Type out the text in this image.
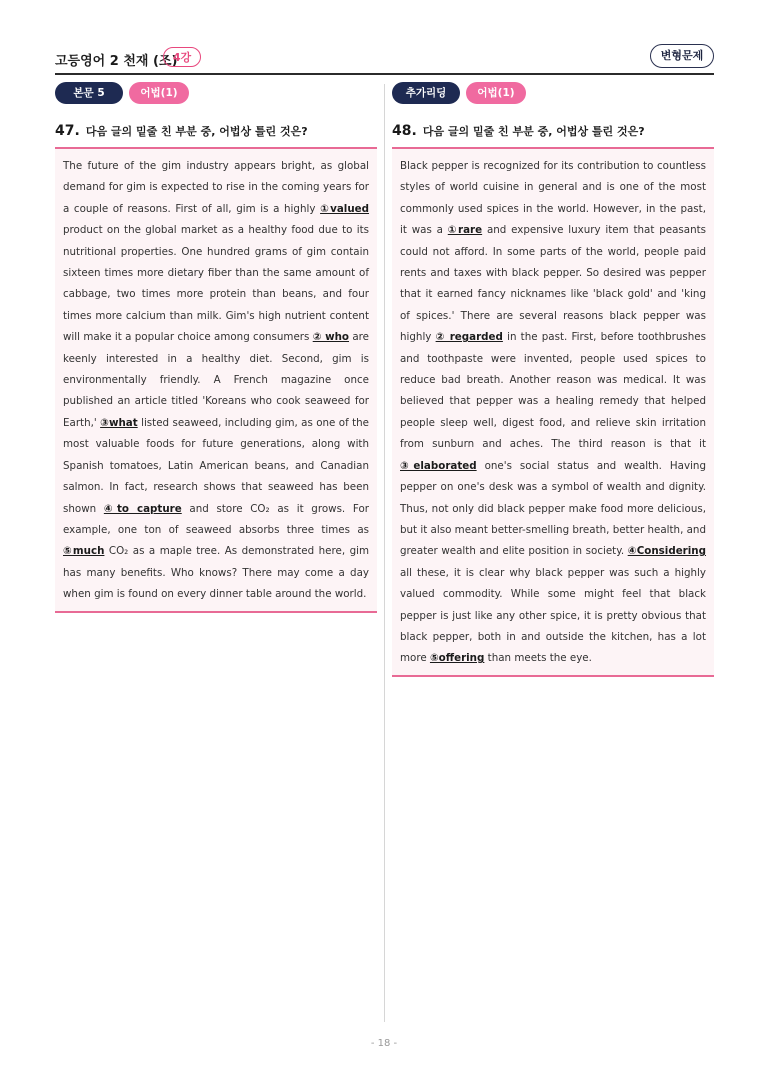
고등영어 2 천재 (조)
4강	변형문제
본문 5	어법(1)
47. 다음 글의 밑줄 친 부분 중, 어법상 틀린 것은?

The future of the gim industry appears bright, as global demand for gim is expected to rise in the coming years for a couple of reasons. First of all, gim is a highly ①valued product on the global market as a healthy food due to its nutritional properties. One hundred grams of gim contain sixteen times more dietary fiber than the same amount of cabbage, two times more protein than beans, and four times more calcium than milk. Gim's high nutrient content will make it a popular choice among consumers ② who are keenly interested in a healthy diet. Second, gim is environmentally friendly. A French magazine once published an article titled 'Koreans who cook seaweed for Earth,' ③what listed seaweed, including gim, as one of the most valuable foods for future generations, along with Spanish tomatoes, Latin American beans, and Canadian salmon. In fact, research shows that seaweed has been shown ④to capture and store CO₂ as it grows. For example, one ton of seaweed absorbs three times as ⑤much CO₂ as a maple tree. As demonstrated here, gim has many benefits. Who knows? There may come a day when gim is found on every dinner table around the world.

추가리딩	어법(1)
48. 다음 글의 밑줄 친 부분 중, 어법상 틀린 것은?

Black pepper is recognized for its contribution to countless styles of world cuisine in general and is one of the most commonly used spices in the world. However, in the past, it was a ①rare and expensive luxury item that peasants could not afford. In some parts of the world, people paid rents and taxes with black pepper. So desired was pepper that it earned fancy nicknames like 'black gold' and 'king of spices.' There are several reasons black pepper was highly ② regarded in the past. First, before toothbrushes and toothpaste were invented, people used spices to reduce bad breath. Another reason was medical. It was believed that pepper was a healing remedy that helped people sleep well, digest food, and relieve skin irritation from sunburn and aches. The third reason is that it ③elaborated one's social status and wealth. Having pepper on one's desk was a symbol of wealth and dignity. Thus, not only did black pepper make food more delicious, but it also meant better-smelling breath, better health, and greater wealth and elite position in society. ④Considering all these, it is clear why black pepper was such a highly valued commodity. While some might feel that black pepper is just like any other spice, it is pretty obvious that black pepper, both in and outside the kitchen, has a lot more ⑤offering than meets the eye.

- 18 -
